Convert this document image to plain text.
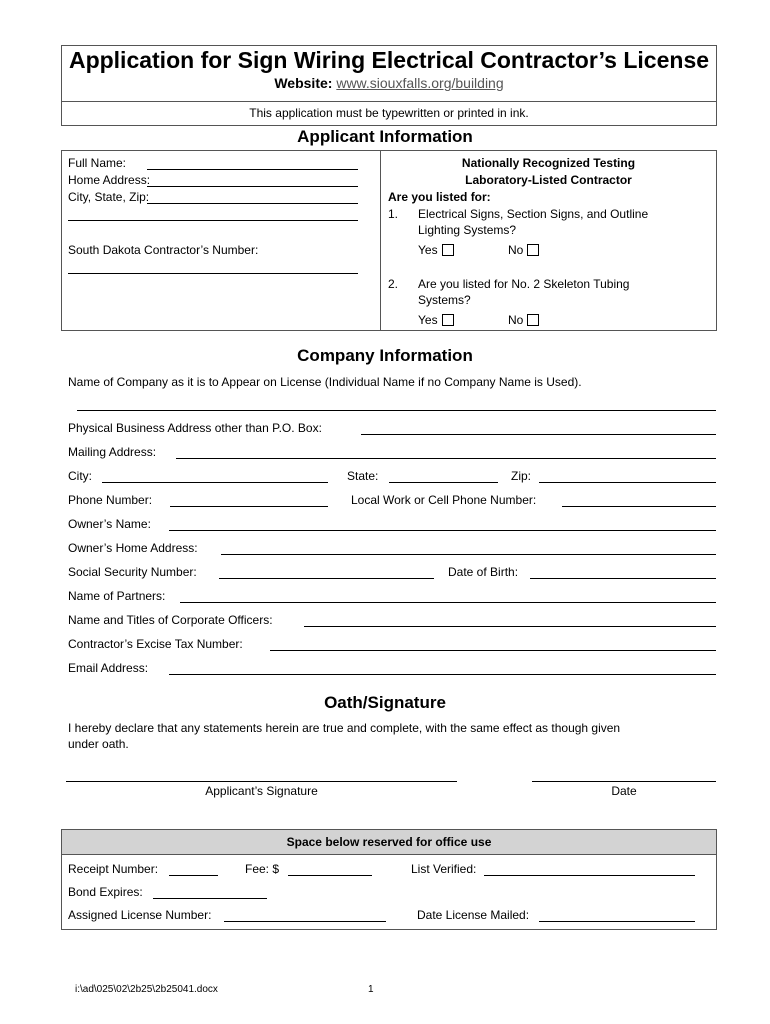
Application for Sign Wiring Electrical Contractor’s License
Website: www.siouxfalls.org/building
This application must be typewritten or printed in ink.
Applicant Information
Full Name:
Home Address:
City, State, Zip:
South Dakota Contractor’s Number:
Nationally Recognized Testing
Laboratory-Listed Contractor
Are you listed for:
1. Electrical Signs, Section Signs, and Outline
Lighting Systems?
Yes	No
2. Are you listed for No. 2 Skeleton Tubing
Systems?
Yes	No
Company Information
Name of Company as it is to Appear on License (Individual Name if no Company Name is Used).
Physical Business Address other than P.O. Box:
Mailing Address:
City:	State:	Zip:
Phone Number:	Local Work or Cell Phone Number:
Owner’s Name:
Owner’s Home Address:
Social Security Number:	Date of Birth:
Name of Partners:
Name and Titles of Corporate Officers:
Contractor’s Excise Tax Number:
Email Address:
Oath/Signature
I hereby declare that any statements herein are true and complete, with the same effect as though given
under oath.
Applicant’s Signature	Date
Space below reserved for office use
Receipt Number:	Fee: $	List Verified:
Bond Expires:
Assigned License Number:	Date License Mailed:
i:\ad\025\02\2b25\2b25041.docx	1
